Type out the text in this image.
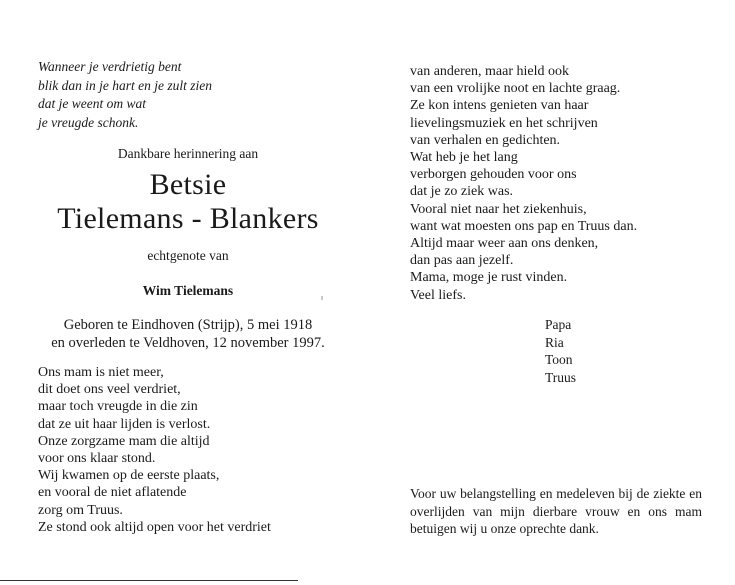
Wanneer je verdrietig bent
blik dan in je hart en je zult zien
dat je weent om wat
je vreugde schonk.
Dankbare herinnering aan
Betsie
Tielemans - Blankers
echtgenote van
Wim Tielemans
Geboren te Eindhoven (Strijp), 5 mei 1918
en overleden te Veldhoven, 12 november 1997.
Ons mam is niet meer,
dit doet ons veel verdriet,
maar toch vreugde in die zin
dat ze uit haar lijden is verlost.
Onze zorgzame mam die altijd
voor ons klaar stond.
Wij kwamen op de eerste plaats,
en vooral de niet aflatende
zorg om Truus.
Ze stond ook altijd open voor het verdriet
van anderen, maar hield ook
van een vrolijke noot en lachte graag.
Ze kon intens genieten van haar
lievelingsmuziek en het schrijven
van verhalen en gedichten.
Wat heb je het lang
verborgen gehouden voor ons
dat je zo ziek was.
Vooral niet naar het ziekenhuis,
want wat moesten ons pap en Truus dan.
Altijd maar weer aan ons denken,
dan pas aan jezelf.
Mama, moge je rust vinden.
Veel liefs.
Papa
Ria
Toon
Truus
Voor uw belangstelling en medeleven bij de ziekte en overlijden van mijn dierbare vrouw en ons mam betuigen wij u onze oprechte dank.
